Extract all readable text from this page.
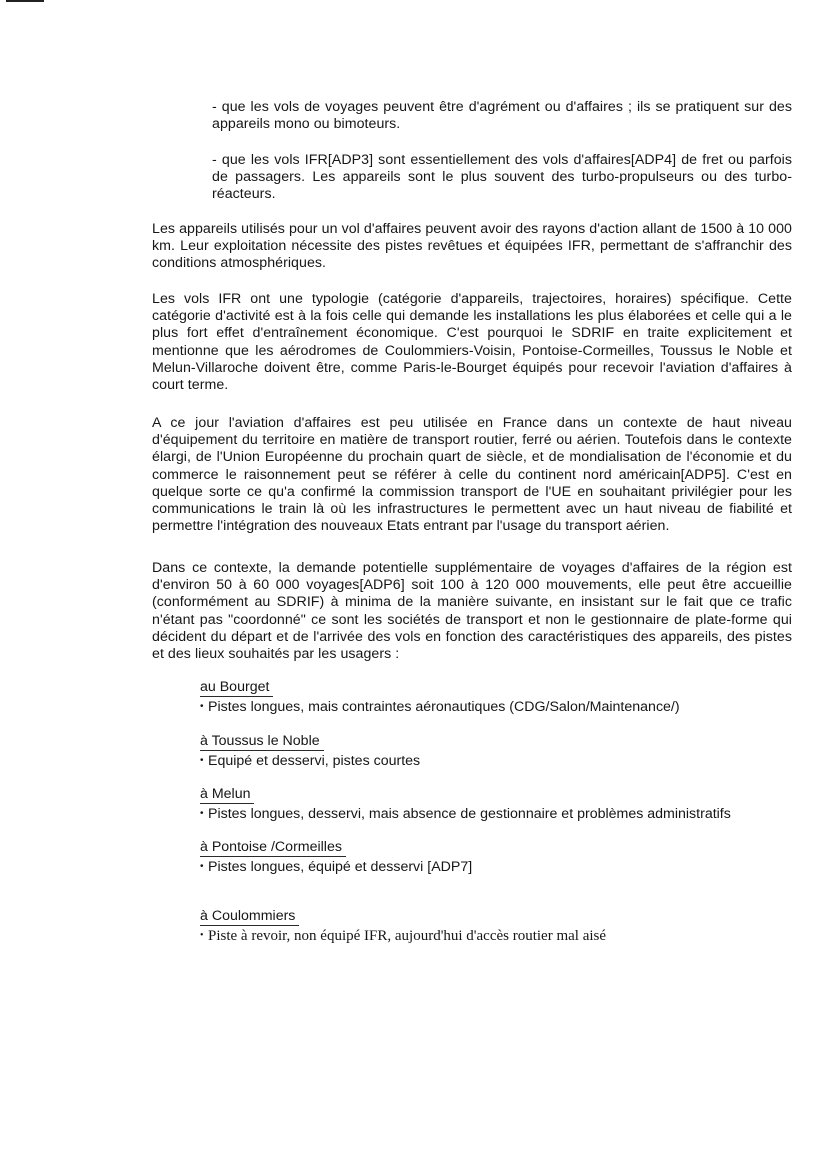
- que les vols de voyages peuvent être d'agrément ou d'affaires ; ils se pratiquent sur des appareils mono ou bimoteurs.

- que les vols IFR[ADP3] sont essentiellement des vols d'affaires[ADP4] de fret ou parfois de passagers. Les appareils sont le plus souvent des turbo-propulseurs ou des turbo-réacteurs.

Les appareils utilisés pour un vol d'affaires peuvent avoir des rayons d'action allant de 1500 à 10 000 km. Leur exploitation nécessite des pistes revêtues et équipées IFR, permettant de s'affranchir des conditions atmosphériques.

Les vols IFR ont une typologie (catégorie d'appareils, trajectoires, horaires) spécifique. Cette catégorie d'activité est à la fois celle qui demande les installations les plus élaborées et celle qui a le plus fort effet d'entraînement économique. C'est pourquoi le SDRIF en traite explicitement et mentionne que les aérodromes de Coulommiers-Voisin, Pontoise-Cormeilles, Toussus le Noble et Melun-Villaroche doivent être, comme Paris-le-Bourget équipés pour recevoir l'aviation d'affaires à court terme.

A ce jour l'aviation d'affaires est peu utilisée en France dans un contexte de haut niveau d'équipement du territoire en matière de transport routier, ferré ou aérien. Toutefois dans le contexte élargi, de l'Union Européenne du prochain quart de siècle, et de mondialisation de l'économie et du commerce le raisonnement peut se référer à celle du continent nord américain[ADP5]. C'est en quelque sorte ce qu'a confirmé la commission transport de l'UE en souhaitant privilégier pour les communications le train là où les infrastructures le permettent avec un haut niveau de fiabilité et permettre l'intégration des nouveaux Etats entrant par l'usage du transport aérien.

Dans ce contexte, la demande potentielle supplémentaire de voyages d'affaires de la région est d'environ 50 à 60 000 voyages[ADP6] soit 100 à 120 000 mouvements, elle peut être accueillie (conformément au SDRIF) à minima de la manière suivante, en insistant sur le fait que ce trafic n'étant pas "coordonné" ce sont les sociétés de transport et non le gestionnaire de plate-forme qui décident du départ et de l'arrivée des vols en fonction des caractéristiques des appareils, des pistes et des lieux souhaités par les usagers :

au Bourget
• Pistes longues, mais contraintes aéronautiques (CDG/Salon/Maintenance/)
à Toussus le Noble
• Equipé et desservi, pistes courtes
à Melun
• Pistes longues, desservi, mais absence de gestionnaire et problèmes administratifs
à Pontoise /Cormeilles
• Pistes longues, équipé et desservi [ADP7]
à Coulommiers
• Piste à revoir, non équipé IFR, aujourd'hui d'accès routier mal aisé
